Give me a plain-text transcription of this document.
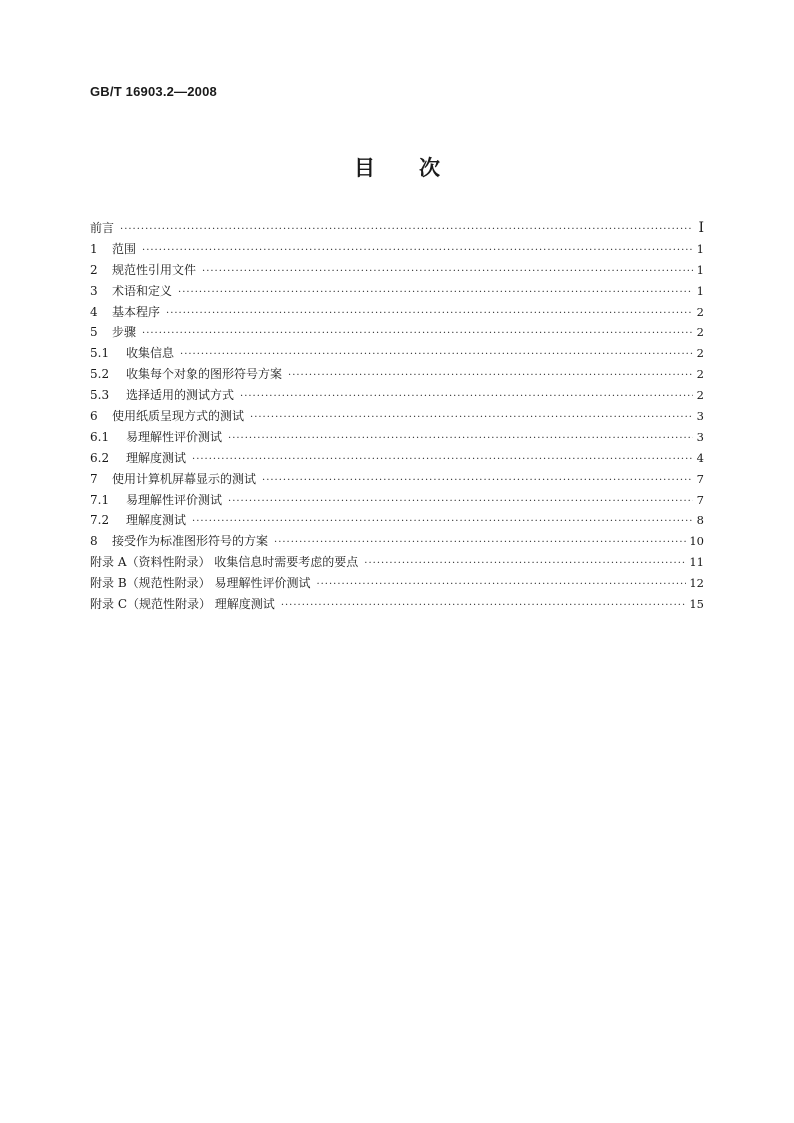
GB/T 16903.2—2008
目次
前言 ·····	I
1	范围 ·····	1
2	规范性引用文件 ·····	1
3	术语和定义 ·····	1
4	基本程序 ·····	2
5	步骤 ·····	2
5.1	收集信息 ·····	2
5.2	收集每个对象的图形符号方案 ·····	2
5.3	选择适用的测试方式 ·····	2
6	使用纸质呈现方式的测试 ·····	3
6.1	易理解性评价测试 ·····	3
6.2	理解度测试 ·····	4
7	使用计算机屏幕显示的测试 ·····	7
7.1	易理解性评价测试 ·····	7
7.2	理解度测试 ·····	8
8	接受作为标准图形符号的方案 ·····	10
附录 A（资料性附录） 收集信息时需要考虑的要点 ·····	11
附录 B（规范性附录） 易理解性评价测试 ·····	12
附录 C（规范性附录） 理解度测试 ·····	15
